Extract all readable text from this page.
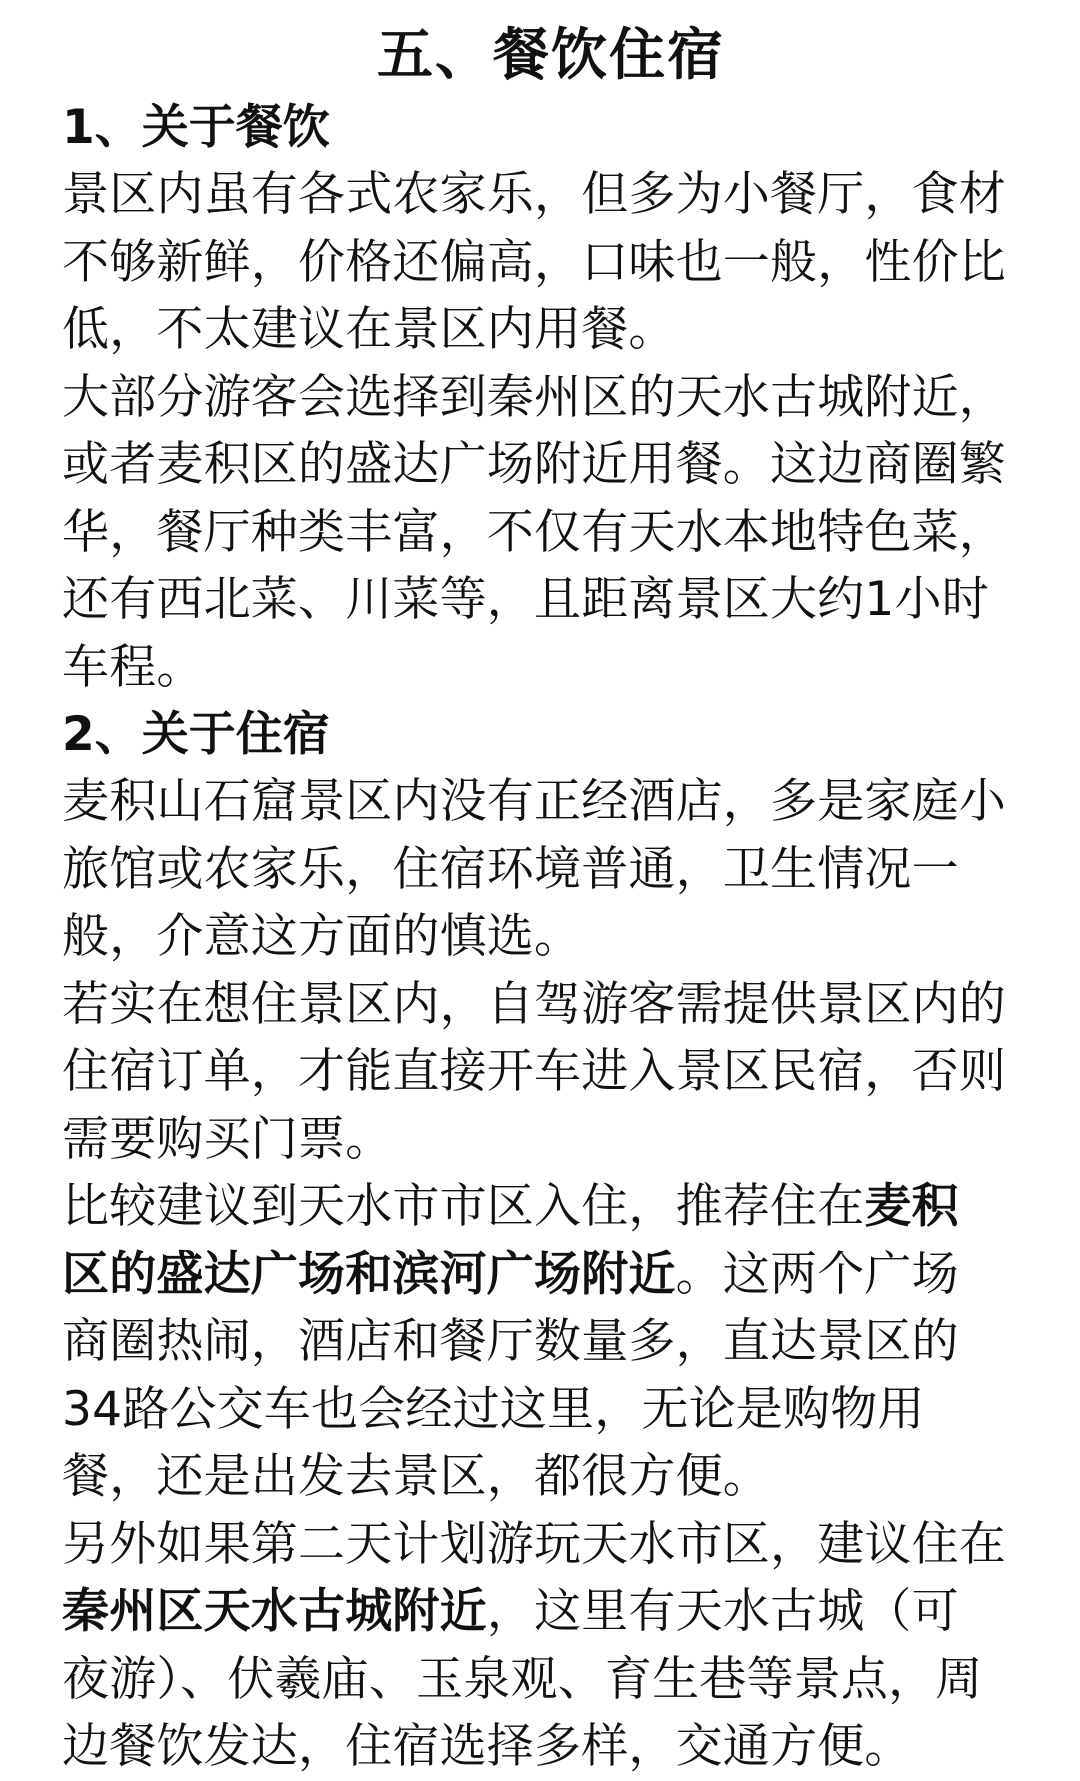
五、餐饮住宿
1、关于餐饮

景区内虽有各式农家乐，但多为小餐厅，食材
不够新鲜，价格还偏高，口味也一般，性价比
低，不太建议在景区内用餐。

大部分游客会选择到秦州区的天水古城附近，
或者麦积区的盛达广场附近用餐。这边商圈繁
华，餐厅种类丰富，不仅有天水本地特色菜，
还有西北菜、川菜等，且距离景区大约1小时
车程。

2、关于住宿

麦积山石窟景区内没有正经酒店，多是家庭小
旅馆或农家乐，住宿环境普通，卫生情况一
般，介意这方面的慎选。

若实在想住景区内，自驾游客需提供景区内的
住宿订单，才能直接开车进入景区民宿，否则
需要购买门票。

比较建议到天水市市区入住，推荐住在麦积
区的盛达广场和滨河广场附近。这两个广场
商圈热闹，酒店和餐厅数量多，直达景区的
34路公交车也会经过这里，无论是购物用
餐，还是出发去景区，都很方便。

另外如果第二天计划游玩天水市区，建议住在
秦州区天水古城附近，这里有天水古城（可
夜游）、伏羲庙、玉泉观、育生巷等景点，周
边餐饮发达，住宿选择多样，交通方便。
